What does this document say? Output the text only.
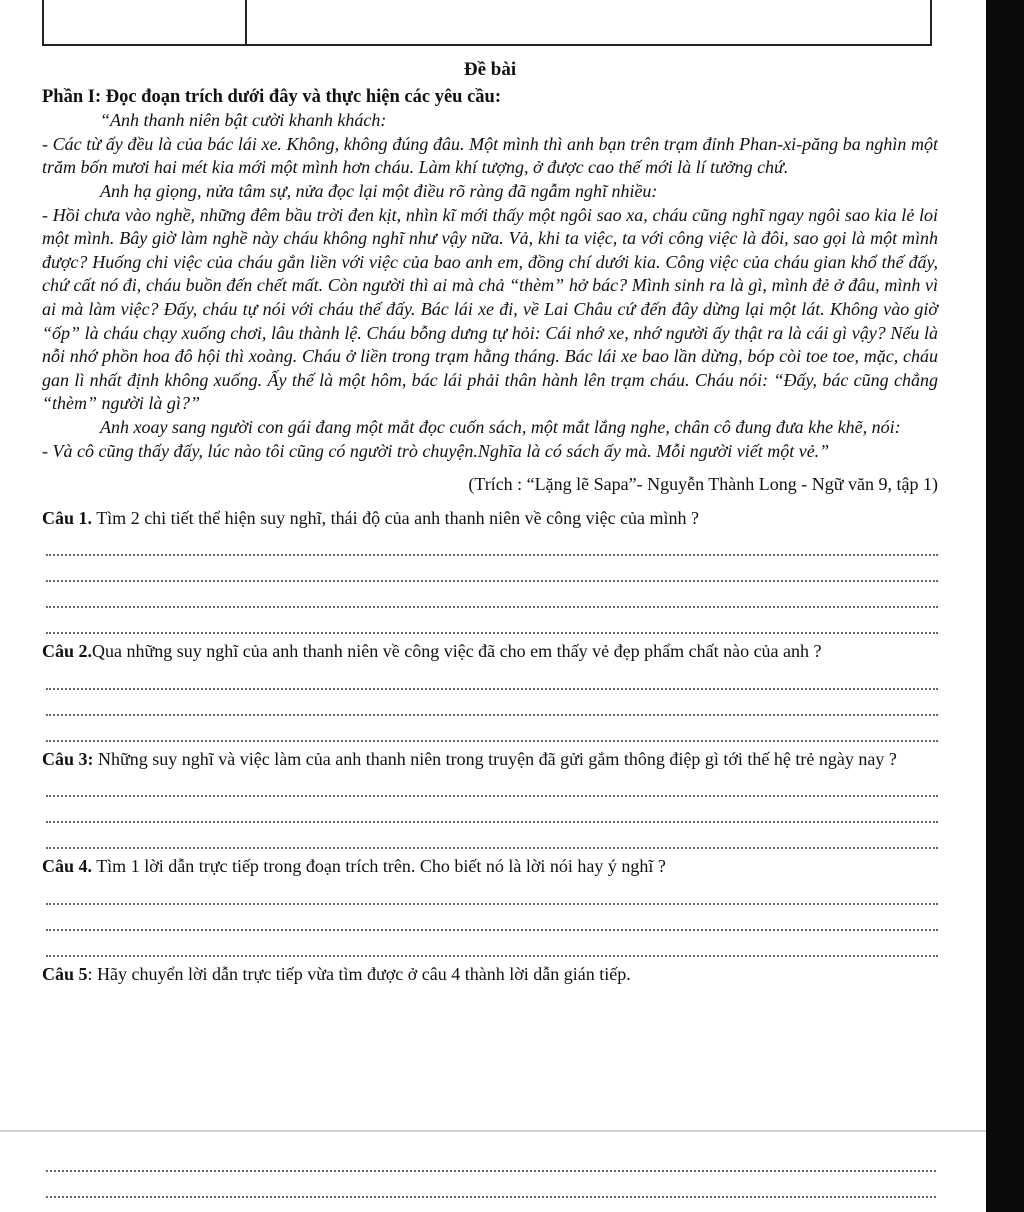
Đề bài

Phần I: Đọc đoạn trích dưới đây và thực hiện các yêu cầu:

“Anh thanh niên bật cười khanh khách:

- Các từ ấy đều là của bác lái xe. Không, không đúng đâu. Một mình thì anh bạn trên trạm đỉnh Phan-xi-păng ba nghìn một trăm bốn mươi hai mét kia mới một mình hơn cháu. Làm khí tượng, ở được cao thế mới là lí tưởng chứ.

Anh hạ giọng, nửa tâm sự, nửa đọc lại một điều rõ ràng đã ngẫm nghĩ nhiều:

- Hồi chưa vào nghề, những đêm bầu trời đen kịt, nhìn kĩ mới thấy một ngôi sao xa, cháu cũng nghĩ ngay ngôi sao kia lẻ loi một mình. Bây giờ làm nghề này cháu không nghĩ như vậy nữa. Vả, khi ta việc, ta với công việc là đôi, sao gọi là một mình được? Huống chi việc của cháu gắn liền với việc của bao anh em, đồng chí dưới kia. Công việc của cháu gian khổ thế đấy, chứ cất nó đi, cháu buồn đến chết mất. Còn người thì ai mà chả “thèm” hở bác? Mình sinh ra là gì, mình đẻ ở đâu, mình vì ai mà làm việc? Đấy, cháu tự nói với cháu thế đấy. Bác lái xe đi, về Lai Châu cứ đến đây dừng lại một lát. Không vào giờ “ốp” là cháu chạy xuống chơi, lâu thành lệ. Cháu bỗng dưng tự hỏi: Cái nhớ xe, nhớ người ấy thật ra là cái gì vậy? Nếu là nỗi nhớ phồn hoa đô hội thì xoàng. Cháu ở liền trong trạm hằng tháng. Bác lái xe bao lần dừng, bóp còi toe toe, mặc, cháu gan lì nhất định không xuống. Ấy thế là một hôm, bác lái phải thân hành lên trạm cháu. Cháu nói: “Đấy, bác cũng chẳng “thèm” người là gì?”

Anh xoay sang người con gái đang một mắt đọc cuốn sách, một mắt lắng nghe, chân cô đung đưa khe khẽ, nói:

- Và cô cũng thấy đấy, lúc nào tôi cũng có người trò chuyện.Nghĩa là có sách ấy mà. Mỗi người viết một vẻ.”

(Trích : “Lặng lẽ Sapa”- Nguyễn Thành Long - Ngữ văn 9, tập 1)

Câu 1. Tìm 2 chi tiết thể hiện suy nghĩ, thái độ của anh thanh niên về công việc của mình ?

Câu 2.Qua những suy nghĩ của anh thanh niên về công việc đã cho em thấy vẻ đẹp phẩm chất nào của anh ?

Câu 3: Những suy nghĩ và việc làm của anh thanh niên trong truyện đã gửi gắm thông điệp gì tới thế hệ trẻ ngày nay ?

Câu 4. Tìm 1 lời dẫn trực tiếp trong đoạn trích trên. Cho biết nó là lời nói hay ý nghĩ ?

Câu 5: Hãy chuyển lời dẫn trực tiếp vừa tìm được ở câu 4 thành lời dẫn gián tiếp.
